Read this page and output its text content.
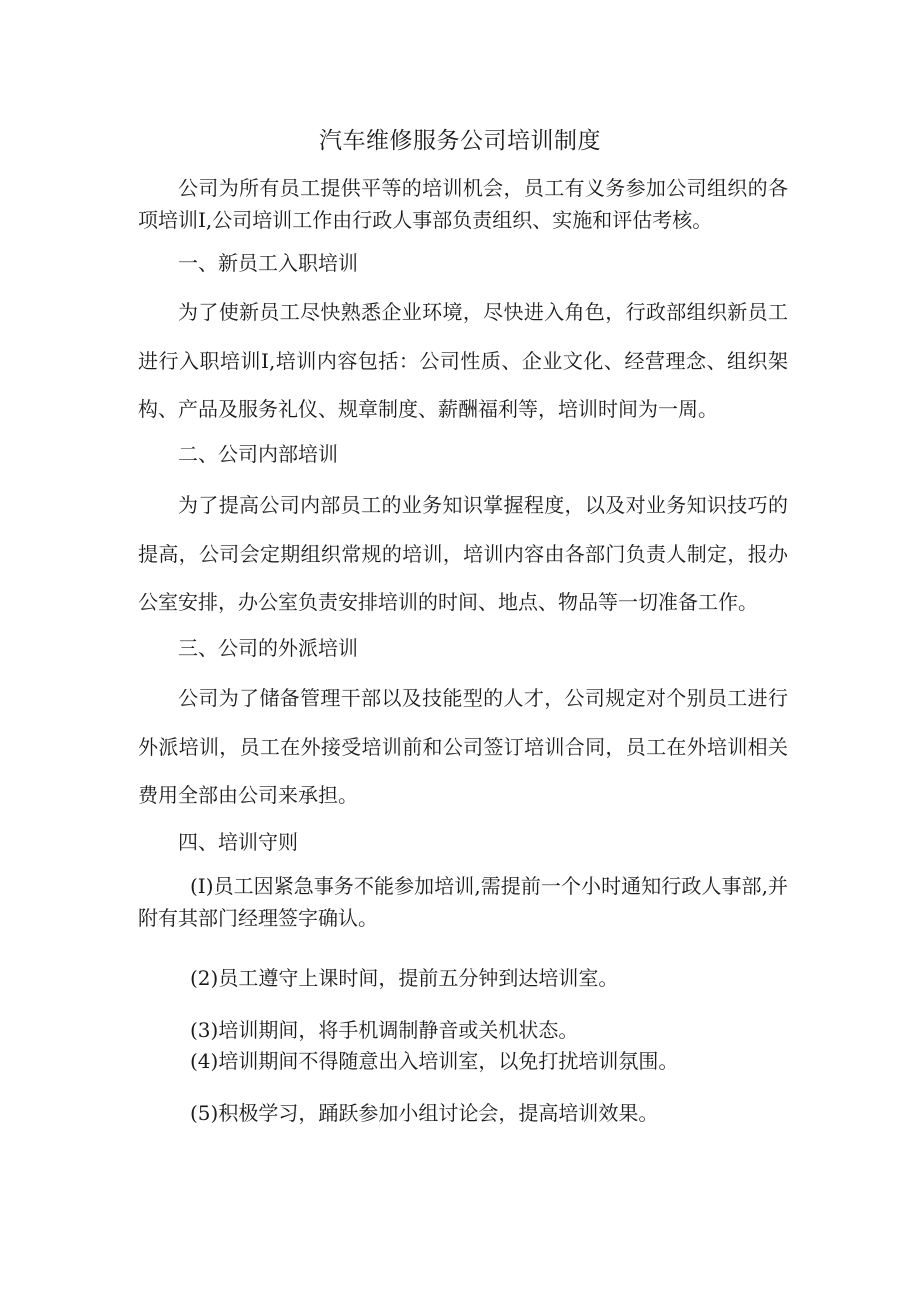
汽车维修服务公司培训制度
公司为所有员工提供平等的培训机会，员工有义务参加公司组织的各项培训I,公司培训工作由行政人事部负责组织、实施和评估考核。
一、新员工入职培训
为了使新员工尽快熟悉企业环境，尽快进入角色，行政部组织新员工进行入职培训I,培训内容包括：公司性质、企业文化、经营理念、组织架构、产品及服务礼仪、规章制度、薪酬福利等，培训时间为一周。
二、公司内部培训
为了提高公司内部员工的业务知识掌握程度，以及对业务知识技巧的提高，公司会定期组织常规的培训，培训内容由各部门负责人制定，报办公室安排，办公室负责安排培训的时间、地点、物品等一切准备工作。
三、公司的外派培训
公司为了储备管理干部以及技能型的人才，公司规定对个别员工进行外派培训，员工在外接受培训前和公司签订培训合同，员工在外培训相关费用全部由公司来承担。
四、培训守则
(I)员工因紧急事务不能参加培训,需提前一个小时通知行政人事部,并附有其部门经理签字确认。
(2)员工遵守上课时间，提前五分钟到达培训室。
(3)培训期间，将手机调制静音或关机状态。
(4)培训期间不得随意出入培训室，以免打扰培训氛围。
(5)积极学习，踊跃参加小组讨论会，提高培训效果。
